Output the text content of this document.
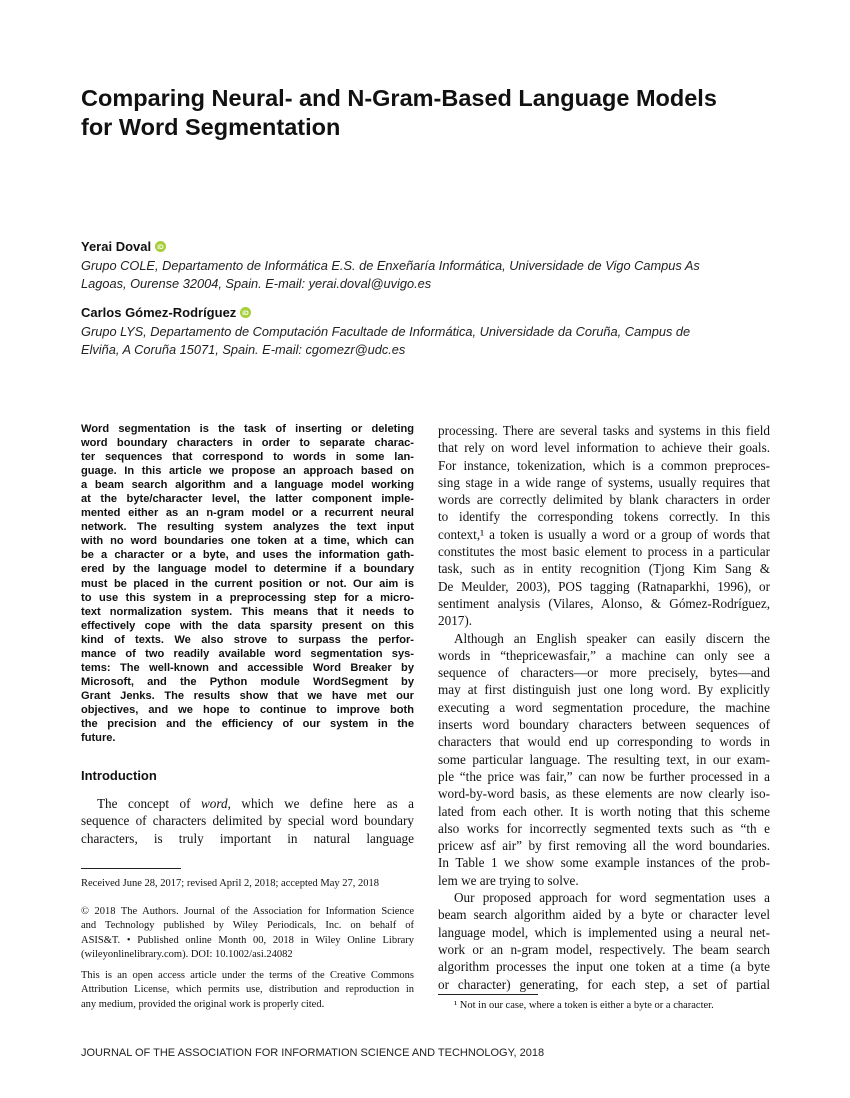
Comparing Neural- and N-Gram-Based Language Models
for Word Segmentation
Yerai Doval iD
Grupo COLE, Departamento de Informática E.S. de Enxeñaría Informática, Universidade de Vigo Campus As
Lagoas, Ourense 32004, Spain. E-mail: yerai.doval@uvigo.es
Carlos Gómez-Rodríguez iD
Grupo LYS, Departamento de Computación Facultade de Informática, Universidade da Coruña, Campus de
Elviña, A Coruña 15071, Spain. E-mail: cgomezr@udc.es
Word segmentation is the task of inserting or deleting
word boundary characters in order to separate charac-
ter sequences that correspond to words in some lan-
guage. In this article we propose an approach based on
a beam search algorithm and a language model working
at the byte/character level, the latter component imple-
mented either as an n-gram model or a recurrent neural
network. The resulting system analyzes the text input
with no word boundaries one token at a time, which can
be a character or a byte, and uses the information gath-
ered by the language model to determine if a boundary
must be placed in the current position or not. Our aim is
to use this system in a preprocessing step for a micro-
text normalization system. This means that it needs to
effectively cope with the data sparsity present on this
kind of texts. We also strove to surpass the perfor-
mance of two readily available word segmentation sys-
tems: The well-known and accessible Word Breaker by
Microsoft, and the Python module WordSegment by
Grant Jenks. The results show that we have met our
objectives, and we hope to continue to improve both
the precision and the efficiency of our system in the
future.
Introduction
The concept of word, which we define here as a
sequence of characters delimited by special word boundary
characters, is truly important in natural language
Received June 28, 2017; revised April 2, 2018; accepted May 27, 2018
© 2018 The Authors. Journal of the Association for Information Science
and Technology published by Wiley Periodicals, Inc. on behalf of
ASIS&T. • Published online Month 00, 2018 in Wiley Online Library
(wileyonlinelibrary.com). DOI: 10.1002/asi.24082
This is an open access article under the terms of the Creative Commons
Attribution License, which permits use, distribution and reproduction in
any medium, provided the original work is properly cited.
processing. There are several tasks and systems in this field
that rely on word level information to achieve their goals.
For instance, tokenization, which is a common preproces-
sing stage in a wide range of systems, usually requires that
words are correctly delimited by blank characters in order
to identify the corresponding tokens correctly. In this
context,¹ a token is usually a word or a group of words that
constitutes the most basic element to process in a particular
task, such as in entity recognition (Tjong Kim Sang &
De Meulder, 2003), POS tagging (Ratnaparkhi, 1996), or
sentiment analysis (Vilares, Alonso, & Gómez-Rodríguez,
2017).
Although an English speaker can easily discern the
words in “thepricewasfair,” a machine can only see a
sequence of characters—or more precisely, bytes—and
may at first distinguish just one long word. By explicitly
executing a word segmentation procedure, the machine
inserts word boundary characters between sequences of
characters that would end up corresponding to words in
some particular language. The resulting text, in our exam-
ple “the price was fair,” can now be further processed in a
word-by-word basis, as these elements are now clearly iso-
lated from each other. It is worth noting that this scheme
also works for incorrectly segmented texts such as “th e
pricew asf air” by first removing all the word boundaries.
In Table 1 we show some example instances of the prob-
lem we are trying to solve.
Our proposed approach for word segmentation uses a
beam search algorithm aided by a byte or character level
language model, which is implemented using a neural net-
work or an n-gram model, respectively. The beam search
algorithm processes the input one token at a time (a byte
or character) generating, for each step, a set of partial
¹ Not in our case, where a token is either a byte or a character.
JOURNAL OF THE ASSOCIATION FOR INFORMATION SCIENCE AND TECHNOLOGY, 2018
